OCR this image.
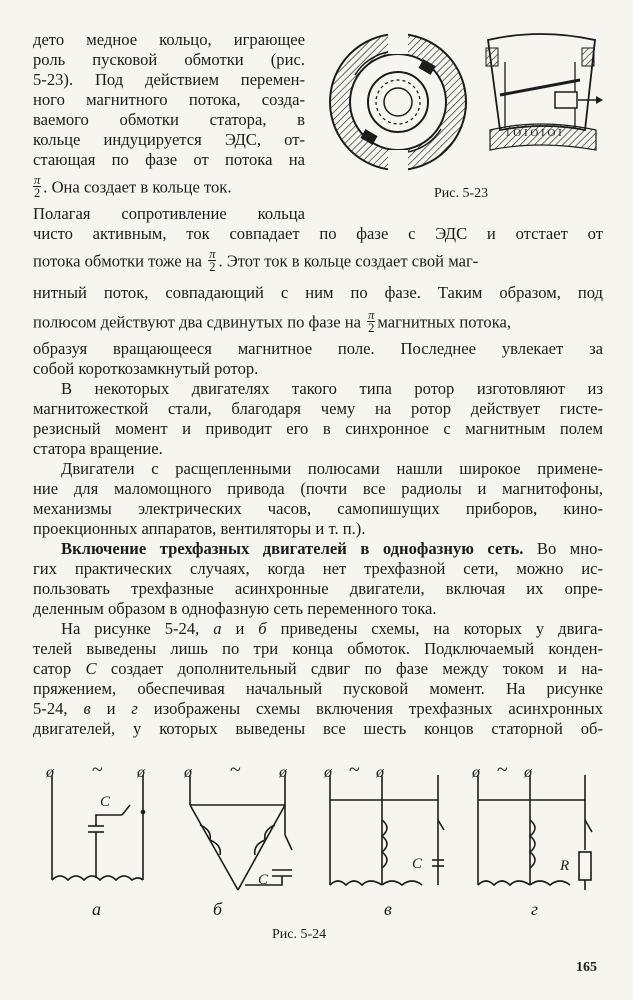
1 O I O I O I
Рис. 5-23
дето медное кольцо, играющее
роль пусковой обмотки (рис.
5-23). Под действием перемен-
ного магнитного потока, созда-
ваемого обмотки статора, в
кольце индуцируется ЭДС, от-
стающая по фазе от потока на
$\frac{\pi}{2}$ . Она создает в кольце ток.
Полагая сопротивление кольца
чисто активным, ток совпадает по фазе с ЭДС и отстает от
потока обмотки тоже на $\frac{\pi}{2}$ . Этот ток в кольце создает свой маг-
нитный поток, совпадающий с ним по фазе. Таким образом, под
полюсом действуют два сдвинутых по фазе на $\frac{\pi}{2}$ магнитных потока,
образуя вращающееся магнитное поле. Последнее увлекает за
собой короткозамкнутый ротор.
В некоторых двигателях такого типа ротор изготовляют из
магнитожесткой стали, благодаря чему на ротор действует гисте-
резисный момент и приводит его в синхронное с магнитным полем
статора вращение.
Двигатели с расщепленными полюсами нашли широкое примене-
ние для маломощного привода (почти все радиолы и магнитофоны,
механизмы электрических часов, самопишущих приборов, кино-
проекционных аппаратов, вентиляторы и т. п.).
Включение трехфазных двигателей в однофазную сеть. Во мно-
гих практических случаях, когда нет трехфазной сети, можно ис-
пользовать трехфазные асинхронные двигатели, включая их опре-
деленным образом в однофазную сеть переменного тока.
На рисунке 5-24, а и б приведены схемы, на которых у двига-
телей выведены лишь по три конца обмоток. Подключаемый конден-
сатор С создает дополнительный сдвиг по фазе между током и на-
пряжением, обеспечивая начальный пусковой момент. На рисунке
5-24, в и г изображены схемы включения трехфазных асинхронных
двигателей, у которых выведены все шесть концов статорной об-
ø	ø
~
C
а
ø	ø
~
C
б
ø	ø
~
C
в
ø	ø
~
R
г
Рис. 5-24
165
